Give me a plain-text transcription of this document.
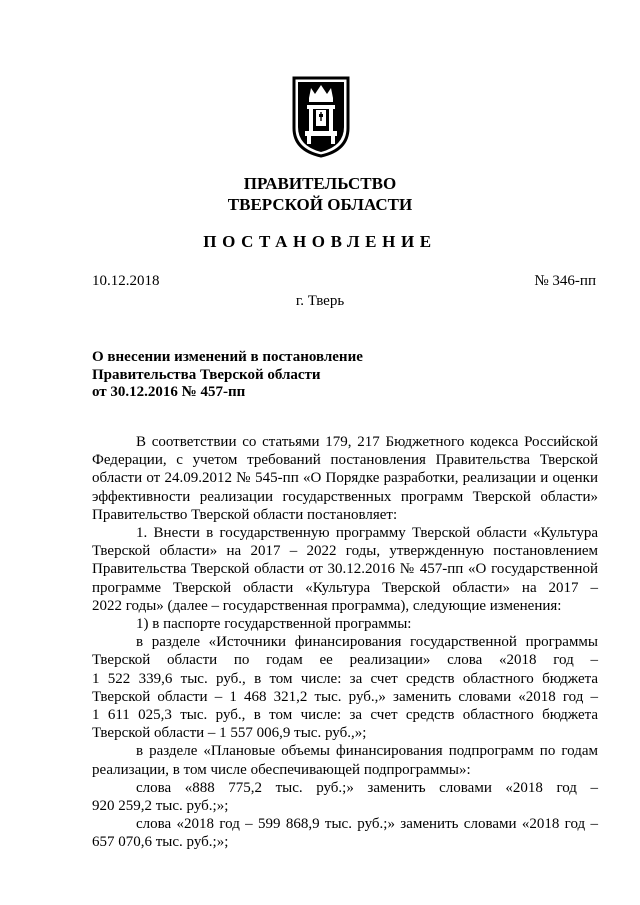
ПРАВИТЕЛЬСТВО
ТВЕРСКОЙ ОБЛАСТИ
ПОСТАНОВЛЕНИЕ
10.12.2018	№ 346-пп
г. Тверь
О внесении изменений в постановление
Правительства Тверской области
от 30.12.2016 № 457-пп
В соответствии со статьями 179, 217 Бюджетного кодекса Российской
Федерации, с учетом требований постановления Правительства Тверской
области от 24.09.2012 № 545-пп «О Порядке разработки, реализации и оценки
эффективности реализации государственных программ Тверской области»
Правительство Тверской области постановляет:
1. Внести в государственную программу Тверской области «Культура
Тверской области» на 2017 – 2022 годы, утвержденную постановлением
Правительства Тверской области от 30.12.2016 № 457-пп «О государственной
программе Тверской области «Культура Тверской области» на 2017 –
2022 годы» (далее – государственная программа), следующие изменения:
1) в паспорте государственной программы:
в разделе «Источники финансирования государственной программы
Тверской области по годам ее реализации» слова «2018 год –
1 522 339,6 тыс. руб., в том числе: за счет средств областного бюджета
Тверской области – 1 468 321,2 тыс. руб.,» заменить словами «2018 год –
1 611 025,3 тыс. руб., в том числе: за счет средств областного бюджета
Тверской области – 1 557 006,9 тыс. руб.,»;
в разделе «Плановые объемы финансирования подпрограмм по годам
реализации, в том числе обеспечивающей подпрограммы»:
слова «888 775,2 тыс. руб.;» заменить словами «2018 год –
920 259,2 тыс. руб.;»;
слова «2018 год – 599 868,9 тыс. руб.;» заменить словами «2018 год –
657 070,6 тыс. руб.;»;
